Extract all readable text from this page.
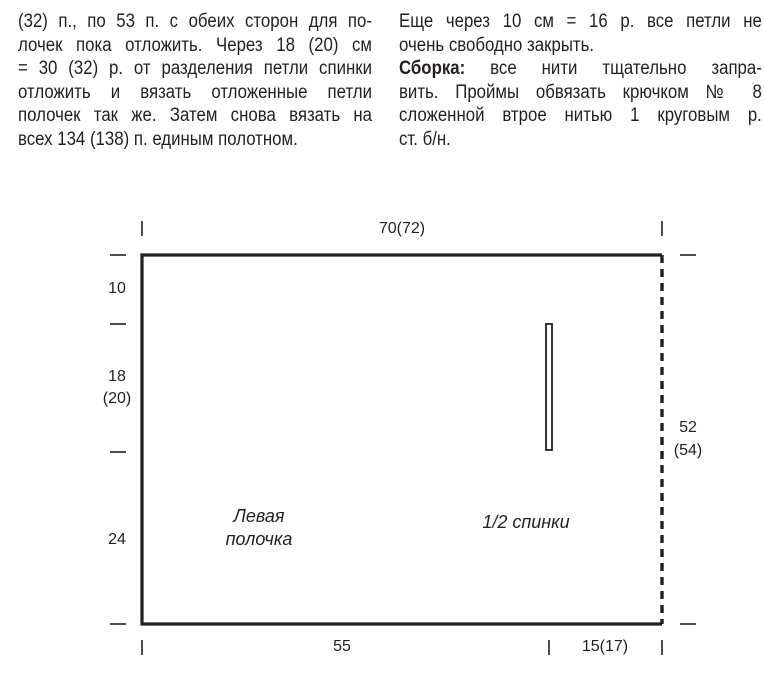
(32) п., по 53 п. с обеих сторон для по-
лочек пока отложить. Через 18 (20) см
= 30 (32) р. от разделения петли спинки
отложить и вязать отложенные петли
полочек так же. Затем снова вязать на
всех 134 (138) п. единым полотном.
Еще через 10 см = 16 р. все петли не
очень свободно закрыть.
Сборка: все нити тщательно запра-
вить. Проймы обвязать крючком № 8
сложенной втрое нитью 1 круговым р.
ст. б/н.
70(72)
10
18
(20)
24
52
(54)
55	15(17)
Левая
полочка
1/2 спинки
